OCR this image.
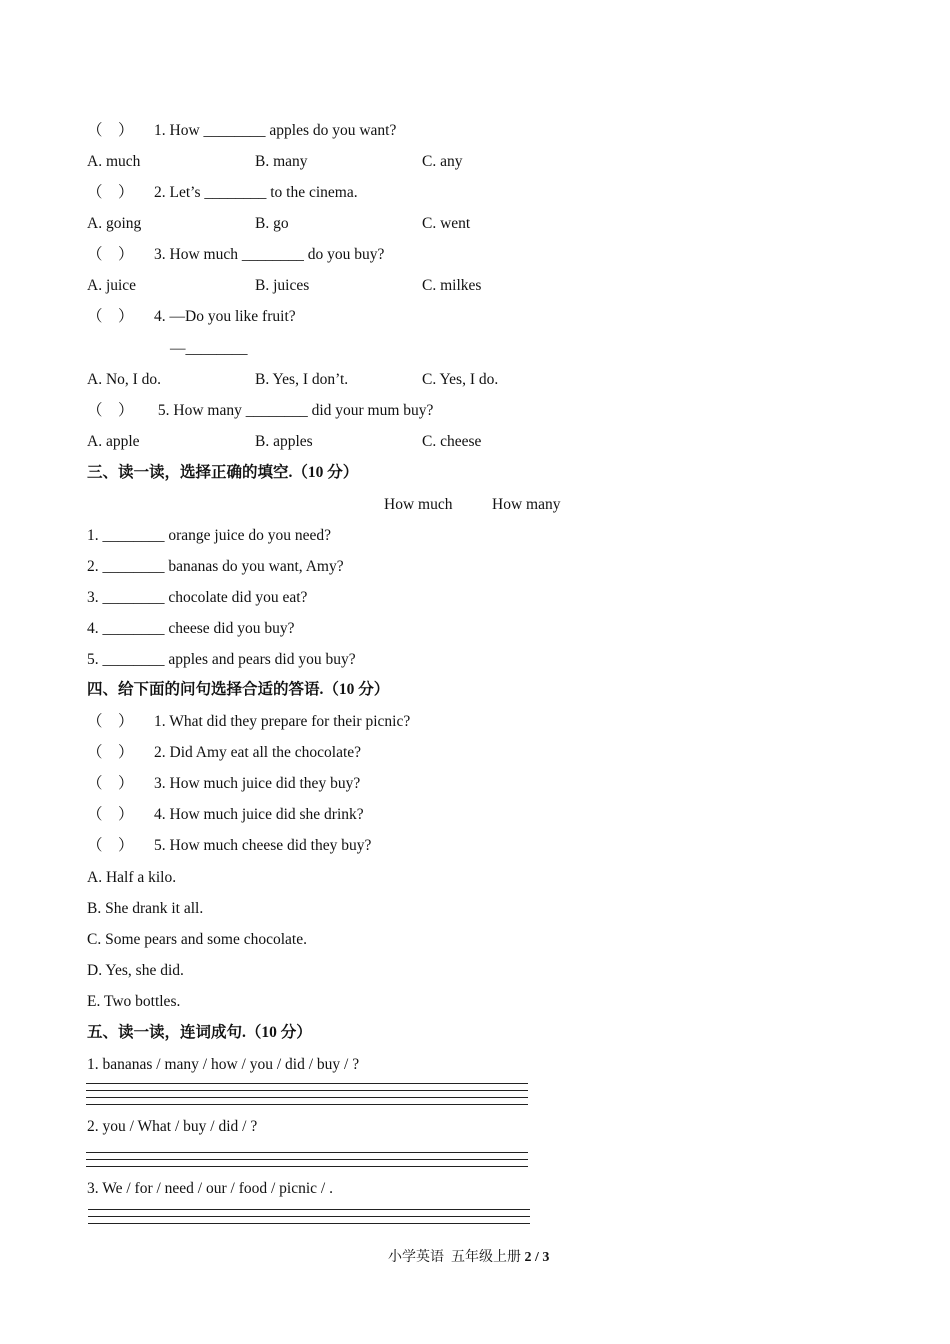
（    ） 1. How ________ apples do you want?
A. much	B. many	C. any
（    ） 2. Let’s ________ to the cinema.
A. going	B. go	C. went
（    ） 3. How much ________ do you buy?
A. juice	B. juices	C. milkes
（    ） 4. —Do you like fruit?
—________
A. No, I do.	B. Yes, I don’t.	C. Yes, I do.
（    ） 5. How many ________ did your mum buy?
A. apple	B. apples	C. cheese
三、读一读，选择正确的填空.（10 分）
How much	How many
1. ________ orange juice do you need?
2. ________ bananas do you want, Amy?
3. ________ chocolate did you eat?
4. ________ cheese did you buy?
5. ________ apples and pears did you buy?
四、给下面的问句选择合适的答语.（10 分）
（    ） 1. What did they prepare for their picnic?
（    ） 2. Did Amy eat all the chocolate?
（    ） 3. How much juice did they buy?
（    ） 4. How much juice did she drink?
（    ） 5. How much cheese did they buy?
A. Half a kilo.
B. She drank it all.
C. Some pears and some chocolate.
D. Yes, she did.
E. Two bottles.
五、读一读，连词成句.（10 分）
1. bananas / many / how / you / did / buy / ?
2. you / What / buy / did / ?
3. We / for / need / our / food / picnic / .
小学英语  五年级上册 2 / 3
